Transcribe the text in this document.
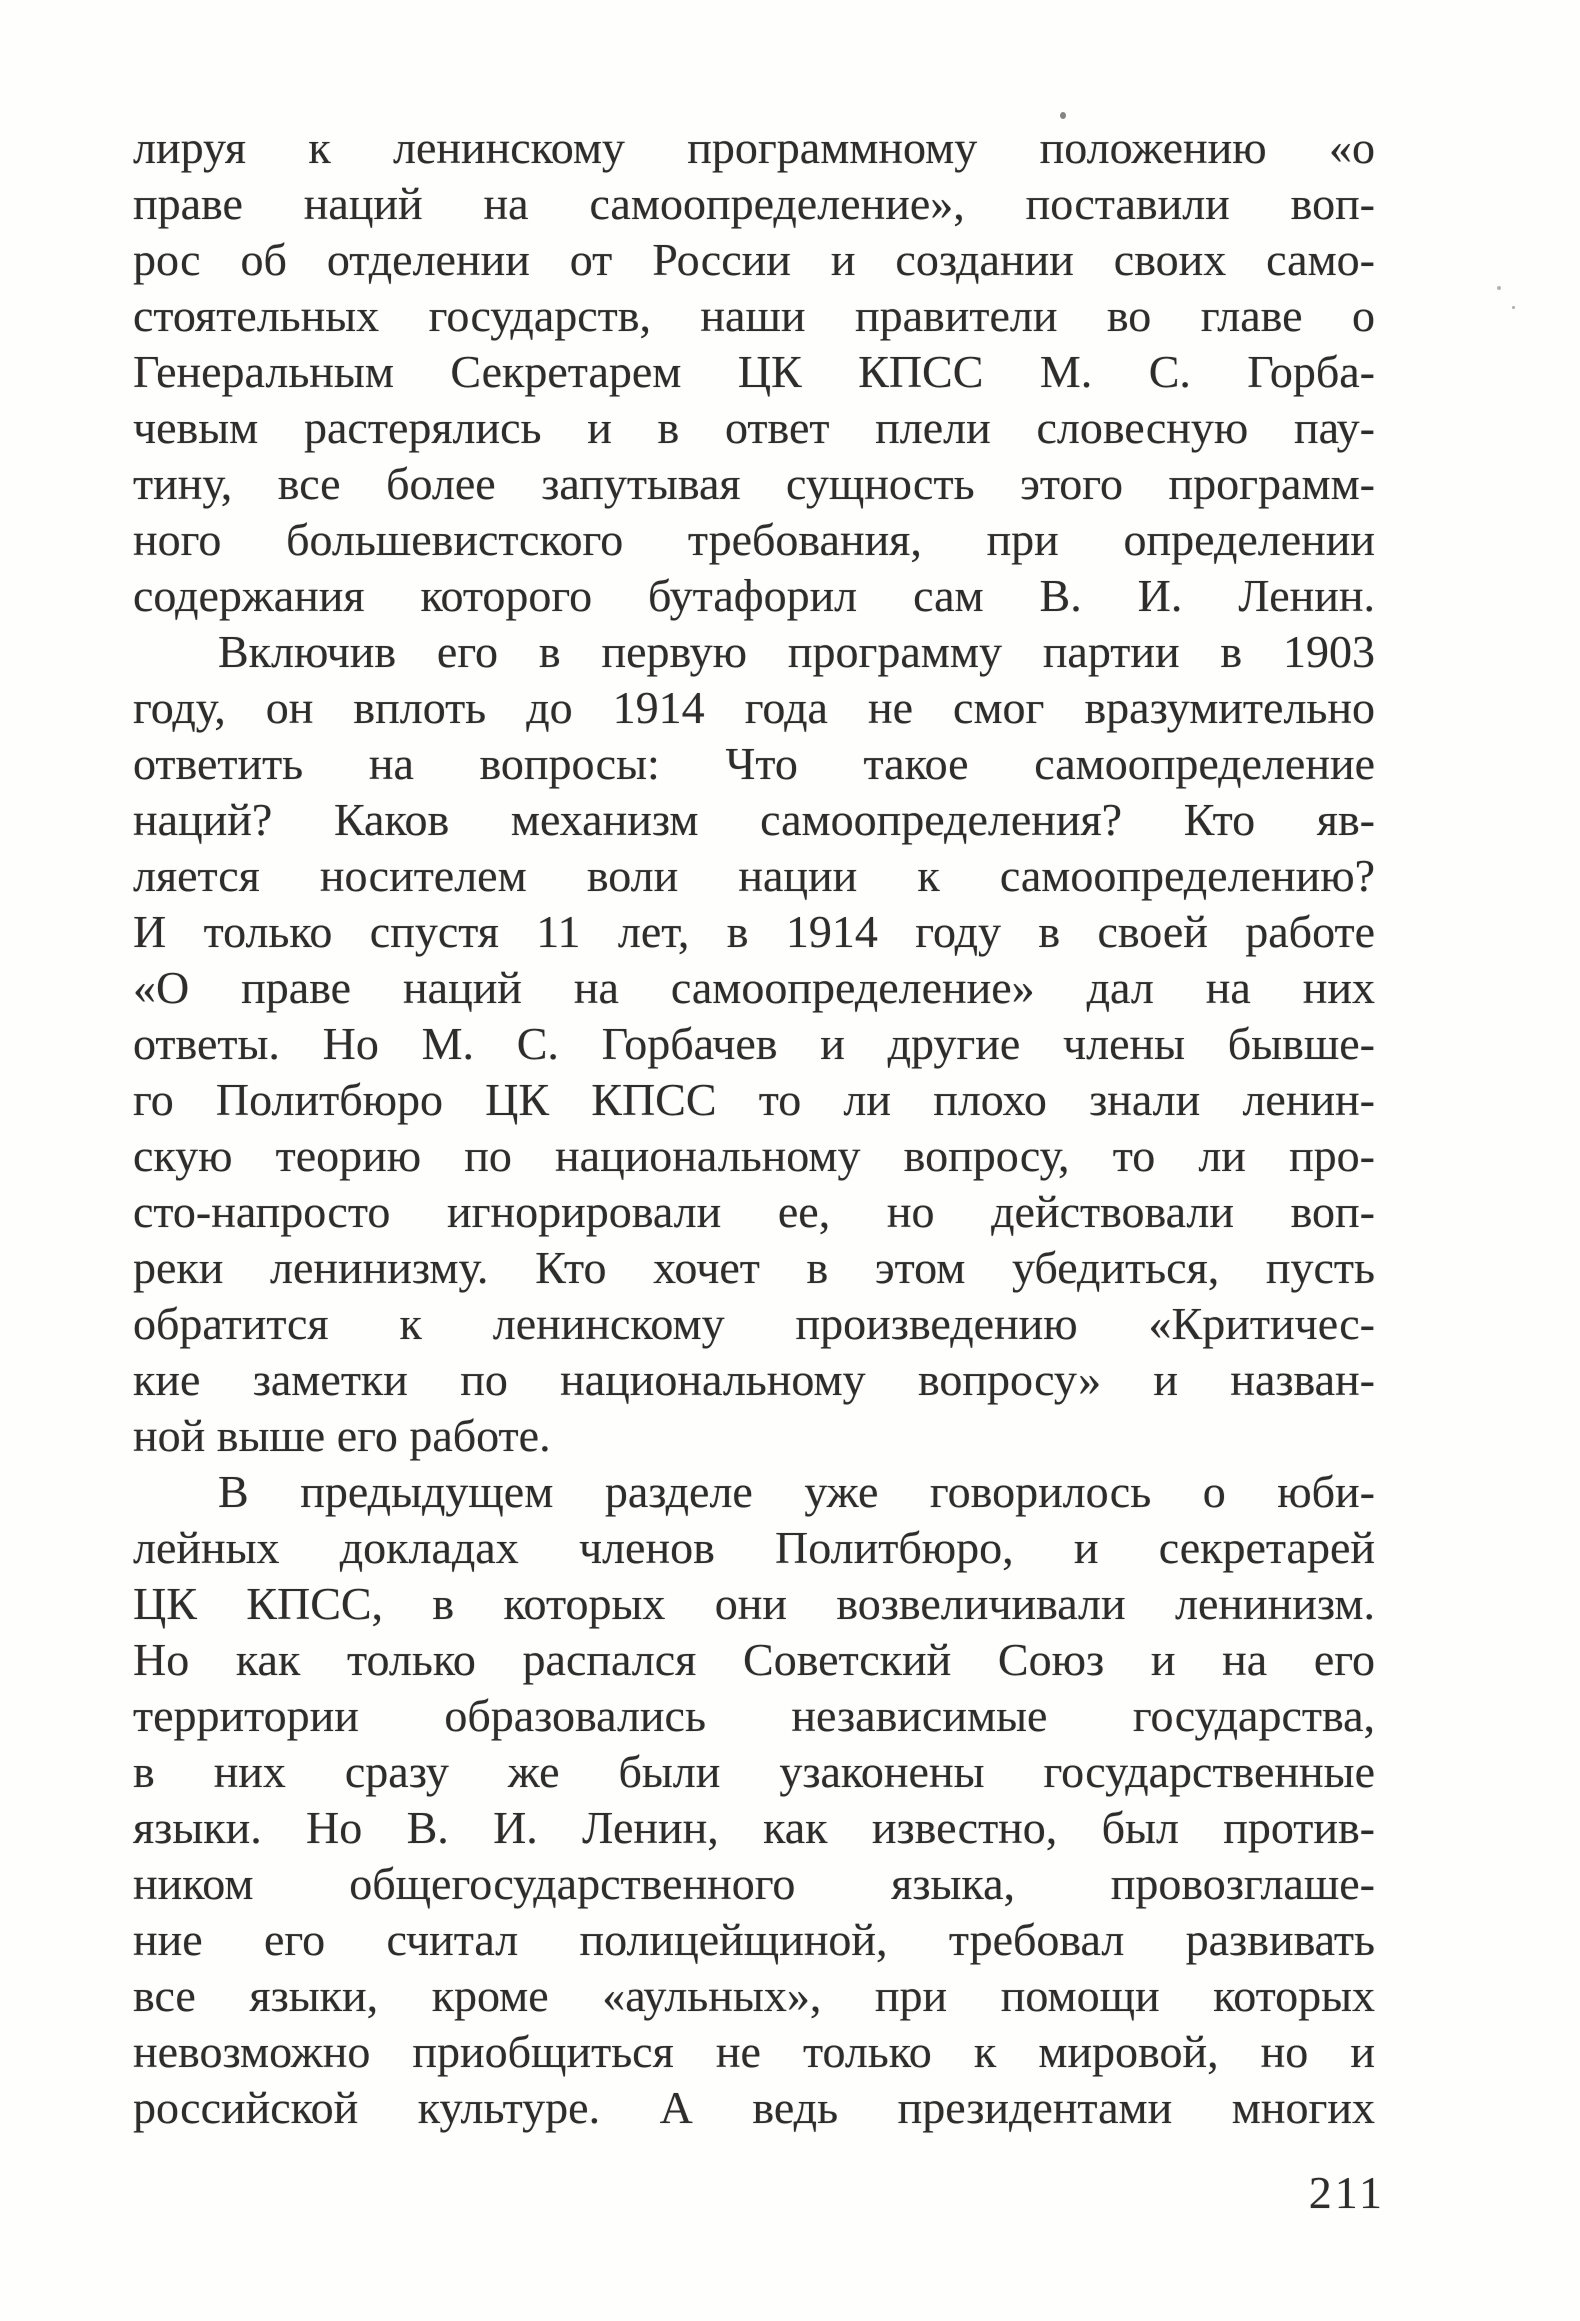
лируя к ленинскому программному положению «о
праве наций на самоопределение», поставили воп-
рос об отделении от России и создании своих само-
стоятельных государств, наши правители во главе о
Генеральным Секретарем ЦК КПСС М. С. Горба-
чевым растерялись и в ответ плели словесную пау-
тину, все более запутывая сущность этого программ-
ного большевистского требования, при определении
содержания которого бутафорил сам В. И. Ленин.
Включив его в первую программу партии в 1903
году, он вплоть до 1914 года не смог вразумительно
ответить на вопросы: Что такое самоопределение
наций? Каков механизм самоопределения? Кто яв-
ляется носителем воли нации к самоопределению?
И только спустя 11 лет, в 1914 году в своей работе
«О праве наций на самоопределение» дал на них
ответы. Но М. С. Горбачев и другие члены бывше-
го Политбюро ЦК КПСС то ли плохо знали ленин-
скую теорию по национальному вопросу, то ли про-
сто-напросто игнорировали ее, но действовали воп-
реки ленинизму. Кто хочет в этом убедиться, пусть
обратится к ленинскому произведению «Критичес-
кие заметки по национальному вопросу» и назван-
ной выше его работе.
В предыдущем разделе уже говорилось о юби-
лейных докладах членов Политбюро, и секретарей
ЦК КПСС, в которых они возвеличивали ленинизм.
Но как только распался Советский Союз и на его
территории образовались независимые государства,
в них сразу же были узаконены государственные
языки. Но В. И. Ленин, как известно, был против-
ником общегосударственного языка, провозглаше-
ние его считал полицейщиной, требовал развивать
все языки, кроме «аульных», при помощи которых
невозможно приобщиться не только к мировой, но и
российской культуре. А ведь президентами многих
211
